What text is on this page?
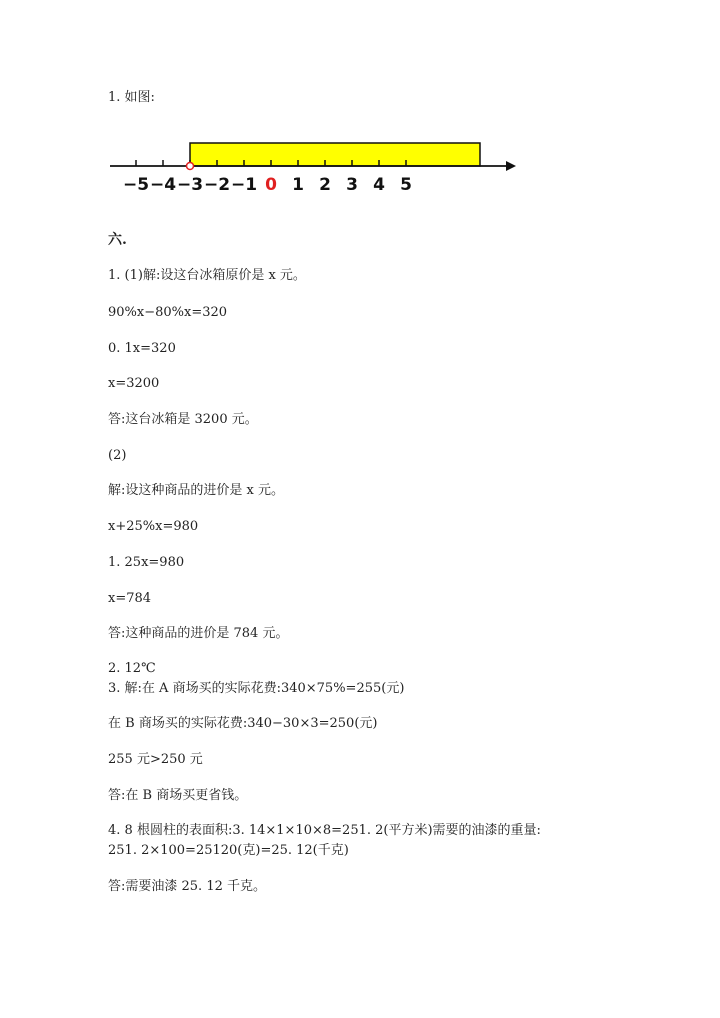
1. 如图:
−5 −4 −3 −2 −1 0 1 2 3 4 5
六.
1. (1)解:设这台冰箱原价是 x 元。
90%x−80%x=320
0. 1x=320
x=3200
答:这台冰箱是 3200 元。
(2)
解:设这种商品的进价是 x 元。
x+25%x=980
1. 25x=980
x=784
答:这种商品的进价是 784 元。
2. 12℃
3. 解:在 A 商场买的实际花费:340×75%=255(元)
在 B 商场买的实际花费:340−30×3=250(元)
255 元>250 元
答:在 B 商场买更省钱。
4. 8 根圆柱的表面积:3. 14×1×10×8=251. 2(平方米)需要的油漆的重量:
251. 2×100=25120(克)=25. 12(千克)
答:需要油漆 25. 12 千克。
